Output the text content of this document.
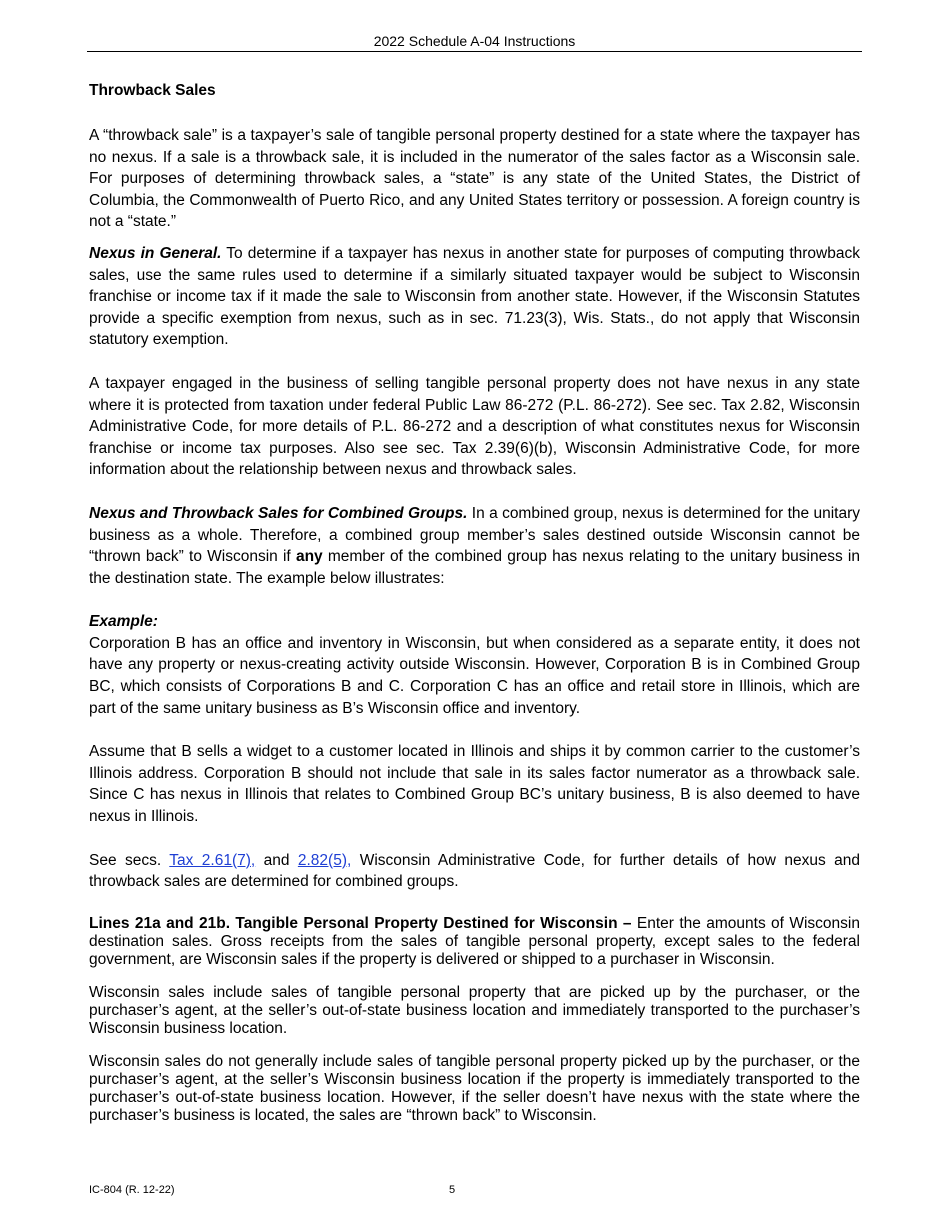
2022 Schedule A-04 Instructions
Throwback Sales

A “throwback sale” is a taxpayer’s sale of tangible personal property destined for a state where the taxpayer has no nexus. If a sale is a throwback sale, it is included in the numerator of the sales factor as a Wisconsin sale. For purposes of determining throwback sales, a “state” is any state of the United States, the District of Columbia, the Commonwealth of Puerto Rico, and any United States territory or possession. A foreign country is not a “state.”

Nexus in General. To determine if a taxpayer has nexus in another state for purposes of computing throwback sales, use the same rules used to determine if a similarly situated taxpayer would be subject to Wisconsin franchise or income tax if it made the sale to Wisconsin from another state. However, if the Wisconsin Statutes provide a specific exemption from nexus, such as in sec. 71.23(3), Wis. Stats., do not apply that Wisconsin statutory exemption.

A taxpayer engaged in the business of selling tangible personal property does not have nexus in any state where it is protected from taxation under federal Public Law 86-272 (P.L. 86-272). See sec. Tax 2.82, Wisconsin Administrative Code, for more details of P.L. 86-272 and a description of what constitutes nexus for Wisconsin franchise or income tax purposes. Also see sec. Tax 2.39(6)(b), Wisconsin Administrative Code, for more information about the relationship between nexus and throwback sales.

Nexus and Throwback Sales for Combined Groups. In a combined group, nexus is determined for the unitary business as a whole. Therefore, a combined group member’s sales destined outside Wisconsin cannot be “thrown back” to Wisconsin if any member of the combined group has nexus relating to the unitary business in the destination state. The example below illustrates:

Example:

Corporation B has an office and inventory in Wisconsin, but when considered as a separate entity, it does not have any property or nexus-creating activity outside Wisconsin. However, Corporation B is in Combined Group BC, which consists of Corporations B and C. Corporation C has an office and retail store in Illinois, which are part of the same unitary business as B’s Wisconsin office and inventory.

Assume that B sells a widget to a customer located in Illinois and ships it by common carrier to the customer’s Illinois address. Corporation B should not include that sale in its sales factor numerator as a throwback sale. Since C has nexus in Illinois that relates to Combined Group BC’s unitary business, B is also deemed to have nexus in Illinois.

See secs. Tax 2.61(7), and 2.82(5), Wisconsin Administrative Code, for further details of how nexus and throwback sales are determined for combined groups.

Lines 21a and 21b. Tangible Personal Property Destined for Wisconsin – Enter the amounts of Wisconsin destination sales. Gross receipts from the sales of tangible personal property, except sales to the federal government, are Wisconsin sales if the property is delivered or shipped to a purchaser in Wisconsin.

Wisconsin sales include sales of tangible personal property that are picked up by the purchaser, or the purchaser’s agent, at the seller’s out-of-state business location and immediately transported to the purchaser’s Wisconsin business location.

Wisconsin sales do not generally include sales of tangible personal property picked up by the purchaser, or the purchaser’s agent, at the seller’s Wisconsin business location if the property is immediately transported to the purchaser’s out-of-state business location. However, if the seller doesn’t have nexus with the state where the purchaser’s business is located, the sales are “thrown back” to Wisconsin.

IC-804 (R. 12-22)	5
